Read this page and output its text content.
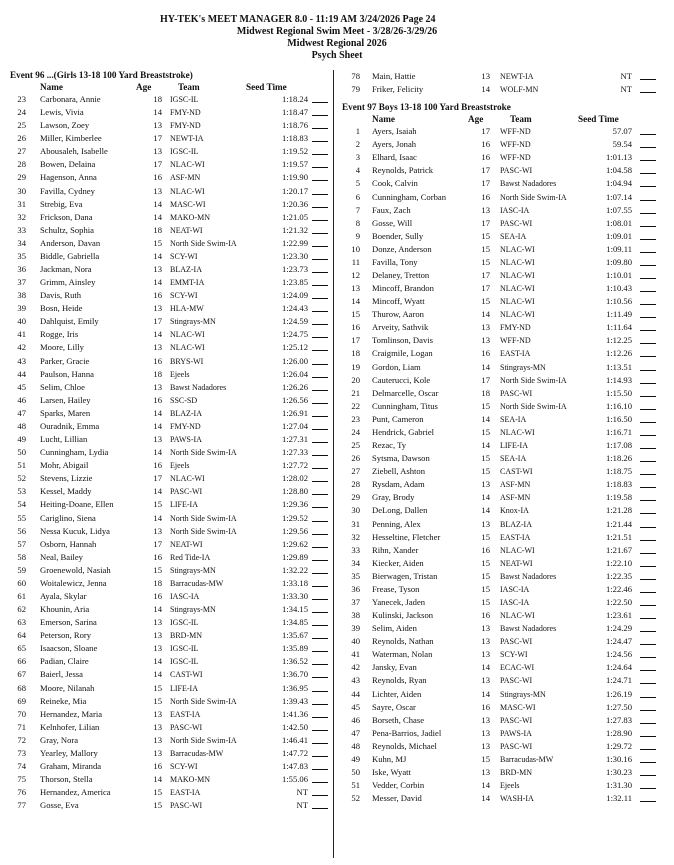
HY-TEK's MEET MANAGER 8.0 - 11:19 AM 3/24/2026 Page 24
Midwest Regional Swim Meet - 3/28/26-3/29/26
Midwest Regional 2026
Psych Sheet
Event 96 ...(Girls 13-18 100 Yard Breaststroke)
Name	Age	Team	Seed Time
23 Carbonara, Annie	18 IGSC-IL	1:18.24
24 Lewis, Vivia	14 FMY-ND	1:18.47
25 Lawson, Zoey	13 FMY-ND	1:18.76
26 Miller, Kimberlee	17 NEWT-IA	1:18.83
27 Abousaleh, Isabelle	13 IGSC-IL	1:19.52
28 Bowen, Delaina	17 NLAC-WI	1:19.57
29 Hagenson, Anna	16 ASF-MN	1:19.90
30 Favilla, Cydney	13 NLAC-WI	1:20.17
31 Strebig, Eva	14 MASC-WI	1:20.36
32 Frickson, Dana	14 MAKO-MN	1:21.05
33 Schultz, Sophia	18 NEAT-WI	1:21.32
34 Anderson, Davan	15 North Side Swim-IA	1:22.99
35 Biddle, Gabriella	14 SCY-WI	1:23.30
36 Jackman, Nora	13 BLAZ-IA	1:23.73
37 Grimm, Ainsley	14 EMMT-IA	1:23.85
38 Davis, Ruth	16 SCY-WI	1:24.09
39 Bosn, Heide	13 HLA-MW	1:24.43
40 Dahlquist, Emily	17 Stingrays-MN	1:24.59
41 Rogge, Iris	14 NLAC-WI	1:24.75
42 Moore, Lilly	13 NLAC-WI	1:25.12
43 Parker, Gracie	16 BRYS-WI	1:26.00
44 Paulson, Hanna	18 Ejeels	1:26.04
45 Selim, Chloe	13 Bawst Nadadores	1:26.26
46 Larsen, Hailey	16 SSC-SD	1:26.56
47 Sparks, Maren	14 BLAZ-IA	1:26.91
48 Ouradnik, Emma	14 FMY-ND	1:27.04
49 Lucht, Lillian	13 PAWS-IA	1:27.31
50 Cunningham, Lydia	14 North Side Swim-IA	1:27.33
51 Mohr, Abigail	16 Ejeels	1:27.72
52 Stevens, Lizzie	17 NLAC-WI	1:28.02
53 Kessel, Maddy	14 PASC-WI	1:28.80
54 Heiting-Doane, Ellen	15 LIFE-IA	1:29.36
55 Cariglino, Siena	14 North Side Swim-IA	1:29.52
56 Nessa Kucuk, Lidya	13 North Side Swim-IA	1:29.56
57 Osborn, Hannah	17 NEAT-WI	1:29.62
58 Neal, Bailey	16 Red Tide-IA	1:29.89
59 Groenewold, Nasiah	15 Stingrays-MN	1:32.22
60 Woitalewicz, Jenna	18 Barracudas-MW	1:33.18
61 Ayala, Skylar	16 IASC-IA	1:33.30
62 Khounin, Aria	14 Stingrays-MN	1:34.15
63 Emerson, Sarina	13 IGSC-IL	1:34.85
64 Peterson, Rory	13 BRD-MN	1:35.67
65 Isaacson, Sloane	13 IGSC-IL	1:35.89
66 Padian, Claire	14 IGSC-IL	1:36.52
67 Baierl, Jessa	14 CAST-WI	1:36.70
68 Moore, Nilanah	15 LIFE-IA	1:36.95
69 Reineke, Mia	15 North Side Swim-IA	1:39.43
70 Hernandez, Maria	13 EAST-IA	1:41.36
71 Kelnhofer, Lilian	13 PASC-WI	1:42.50
72 Gray, Nora	13 North Side Swim-IA	1:46.41
73 Yearley, Mallory	13 Barracudas-MW	1:47.72
74 Graham, Miranda	16 SCY-WI	1:47.83
75 Thorson, Stella	14 MAKO-MN	1:55.06
76 Hernandez, America	15 EAST-IA	NT
77 Gosse, Eva	15 PASC-WI	NT
78 Main, Hattie	13 NEWT-IA	NT
79 Friker, Felicity	14 WOLF-MN	NT
Event 97 Boys 13-18 100 Yard Breaststroke
Name	Age	Team	Seed Time
1 Ayers, Isaiah	17 WFF-ND	57.07
2 Ayers, Jonah	16 WFF-ND	59.54
3 Elhard, Isaac	16 WFF-ND	1:01.13
4 Reynolds, Patrick	17 PASC-WI	1:04.58
5 Cook, Calvin	17 Bawst Nadadores	1:04.94
6 Cunningham, Corban	16 North Side Swim-IA	1:07.14
7 Faux, Zach	13 IASC-IA	1:07.55
8 Gosse, Will	17 PASC-WI	1:08.01
9 Boender, Sully	15 SEA-IA	1:09.01
10 Donze, Anderson	15 NLAC-WI	1:09.11
11 Favilla, Tony	15 NLAC-WI	1:09.80
12 Delaney, Tretton	17 NLAC-WI	1:10.01
13 Mincoff, Brandon	17 NLAC-WI	1:10.43
14 Mincoff, Wyatt	15 NLAC-WI	1:10.56
15 Thurow, Aaron	14 NLAC-WI	1:11.49
16 Arveity, Sathvik	13 FMY-ND	1:11.64
17 Tomlinson, Davis	13 WFF-ND	1:12.25
18 Craigmile, Logan	16 EAST-IA	1:12.26
19 Gordon, Liam	14 Stingrays-MN	1:13.51
20 Cauterucci, Kole	17 North Side Swim-IA	1:14.93
21 Delmarcelle, Oscar	18 PASC-WI	1:15.50
22 Cunningham, Titus	15 North Side Swim-IA	1:16.10
23 Punt, Cameron	14 SEA-IA	1:16.50
24 Hendrick, Gabriel	15 NLAC-WI	1:16.71
25 Rezac, Ty	14 LIFE-IA	1:17.08
26 Sytsma, Dawson	15 SEA-IA	1:18.26
27 Ziebell, Ashton	15 CAST-WI	1:18.75
28 Rysdam, Adam	13 ASF-MN	1:18.83
29 Gray, Brody	14 ASF-MN	1:19.58
30 DeLong, Dallen	14 Knox-IA	1:21.28
31 Penning, Alex	13 BLAZ-IA	1:21.44
32 Hesseltine, Fletcher	15 EAST-IA	1:21.51
33 Rihn, Xander	16 NLAC-WI	1:21.67
34 Kiecker, Aiden	15 NEAT-WI	1:22.10
35 Bierwagen, Tristan	15 Bawst Nadadores	1:22.35
36 Frease, Tyson	15 IASC-IA	1:22.46
37 Yanecek, Jaden	15 IASC-IA	1:22.50
38 Kulinski, Jackson	16 NLAC-WI	1:23.61
39 Selim, Aiden	13 Bawst Nadadores	1:24.29
40 Reynolds, Nathan	13 PASC-WI	1:24.47
41 Waterman, Nolan	13 SCY-WI	1:24.56
42 Jansky, Evan	14 ECAC-WI	1:24.64
43 Reynolds, Ryan	13 PASC-WI	1:24.71
44 Lichter, Aiden	14 Stingrays-MN	1:26.19
45 Sayre, Oscar	16 MASC-WI	1:27.50
46 Borseth, Chase	13 PASC-WI	1:27.83
47 Pena-Barrios, Jadiel	13 PAWS-IA	1:28.90
48 Reynolds, Michael	13 PASC-WI	1:29.72
49 Kuhn, MJ	15 Barracudas-MW	1:30.16
50 Iske, Wyatt	13 BRD-MN	1:30.23
51 Vedder, Corbin	14 Ejeels	1:31.30
52 Messer, David	14 WASH-IA	1:32.11
